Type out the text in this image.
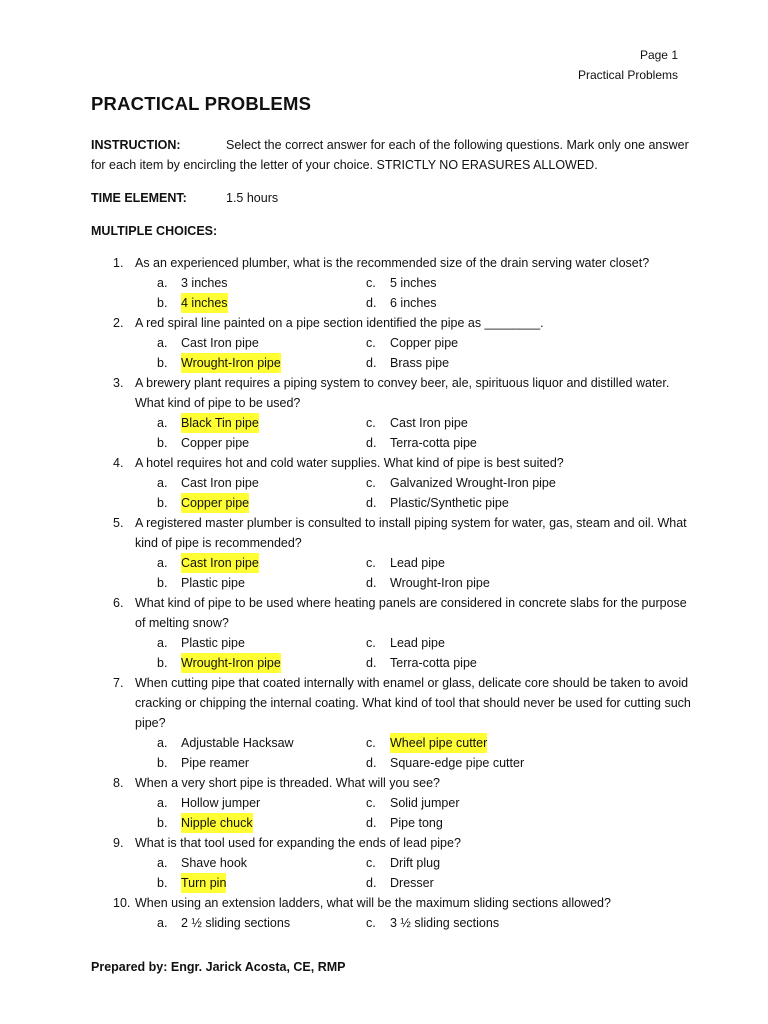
Page 1
Practical Problems
PRACTICAL PROBLEMS
INSTRUCTION:	Select the correct answer for each of the following questions. Mark only one answer for each item by encircling the letter of your choice. STRICTLY NO ERASURES ALLOWED.
TIME ELEMENT:	1.5 hours
MULTIPLE CHOICES:
1. As an experienced plumber, what is the recommended size of the drain serving water closet?
a.	3 inches	c.	5 inches
b.	4 inches	d.	6 inches
2. A red spiral line painted on a pipe section identified the pipe as ________.
a.	Cast Iron pipe	c.	Copper pipe
b.	Wrought-Iron pipe	d.	Brass pipe
3. A brewery plant requires a piping system to convey beer, ale, spirituous liquor and distilled water. What kind of pipe to be used?
a.	Black Tin pipe	c.	Cast Iron pipe
b.	Copper pipe	d.	Terra-cotta pipe
4. A hotel requires hot and cold water supplies. What kind of pipe is best suited?
a.	Cast Iron pipe	c.	Galvanized Wrought-Iron pipe
b.	Copper pipe	d.	Plastic/Synthetic pipe
5. A registered master plumber is consulted to install piping system for water, gas, steam and oil. What kind of pipe is recommended?
a.	Cast Iron pipe	c.	Lead pipe
b.	Plastic pipe	d.	Wrought-Iron pipe
6. What kind of pipe to be used where heating panels are considered in concrete slabs for the purpose of melting snow?
a.	Plastic pipe	c.	Lead pipe
b.	Wrought-Iron pipe	d.	Terra-cotta pipe
7. When cutting pipe that coated internally with enamel or glass, delicate core should be taken to avoid cracking or chipping the internal coating. What kind of tool that should never be used for cutting such pipe?
a.	Adjustable Hacksaw	c.	Wheel pipe cutter
b.	Pipe reamer	d.	Square-edge pipe cutter
8. When a very short pipe is threaded. What will you see?
a.	Hollow jumper	c.	Solid jumper
b.	Nipple chuck	d.	Pipe tong
9. What is that tool used for expanding the ends of lead pipe?
a.	Shave hook	c.	Drift plug
b.	Turn pin	d.	Dresser
10. When using an extension ladders, what will be the maximum sliding sections allowed?
a.	2 ½ sliding sections	c.	3 ½ sliding sections
Prepared by: Engr. Jarick Acosta, CE, RMP
